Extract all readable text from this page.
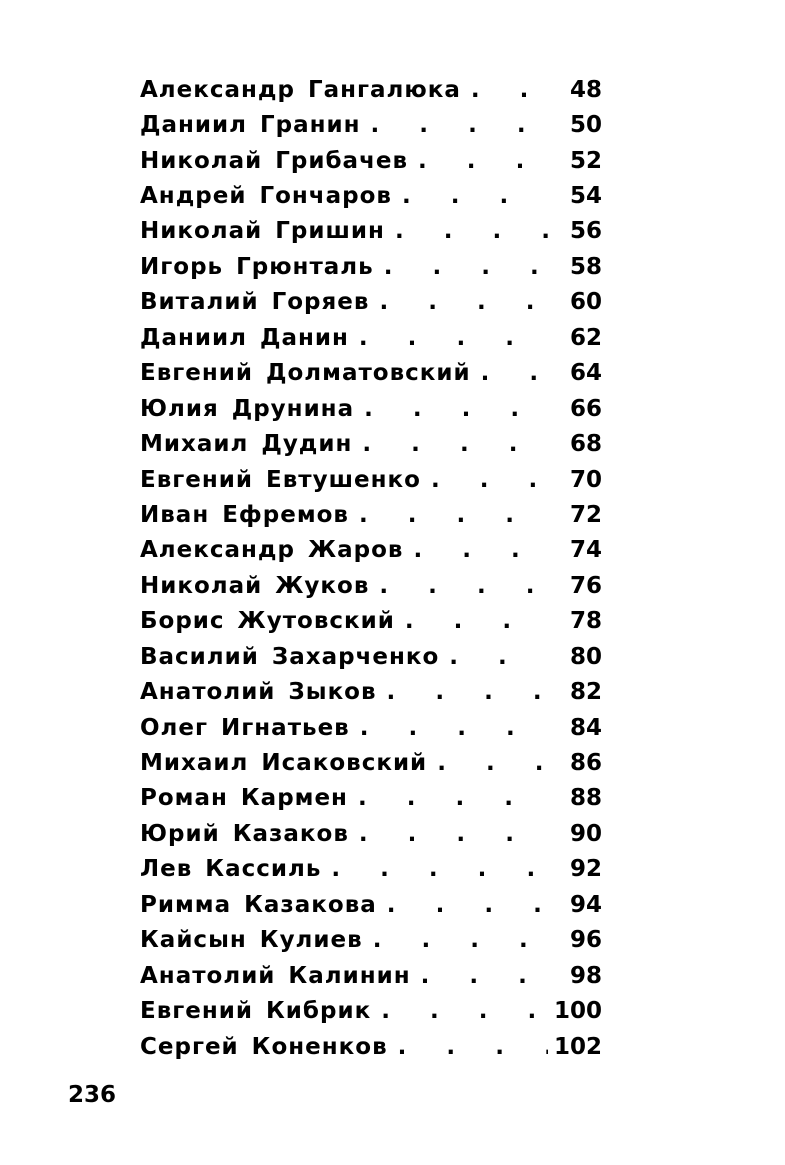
Александр Гангалюка .	48
Даниил Гранин .	50
Николай Грибачев .	52
Андрей Гончаров .	54
Николай Гришин .	56
Игорь Грюнталь .	58
Виталий Горяев .	60
Даниил Данин .	62
Евгений Долматовский .	64
Юлия Друнина .	66
Михаил Дудин .	68
Евгений Евтушенко .	70
Иван Ефремов .	72
Александр Жаров .	74
Николай Жуков .	76
Борис Жутовский .	78
Василий Захарченко .	80
Анатолий Зыков .	82
Олег Игнатьев .	84
Михаил Исаковский .	86
Роман Кармен .	88
Юрий Казаков .	90
Лев Кассиль .	92
Римма Казакова .	94
Кайсын Кулиев .	96
Анатолий Калинин .	98
Евгений Кибрик .	100
Сергей Коненков .	102
236
